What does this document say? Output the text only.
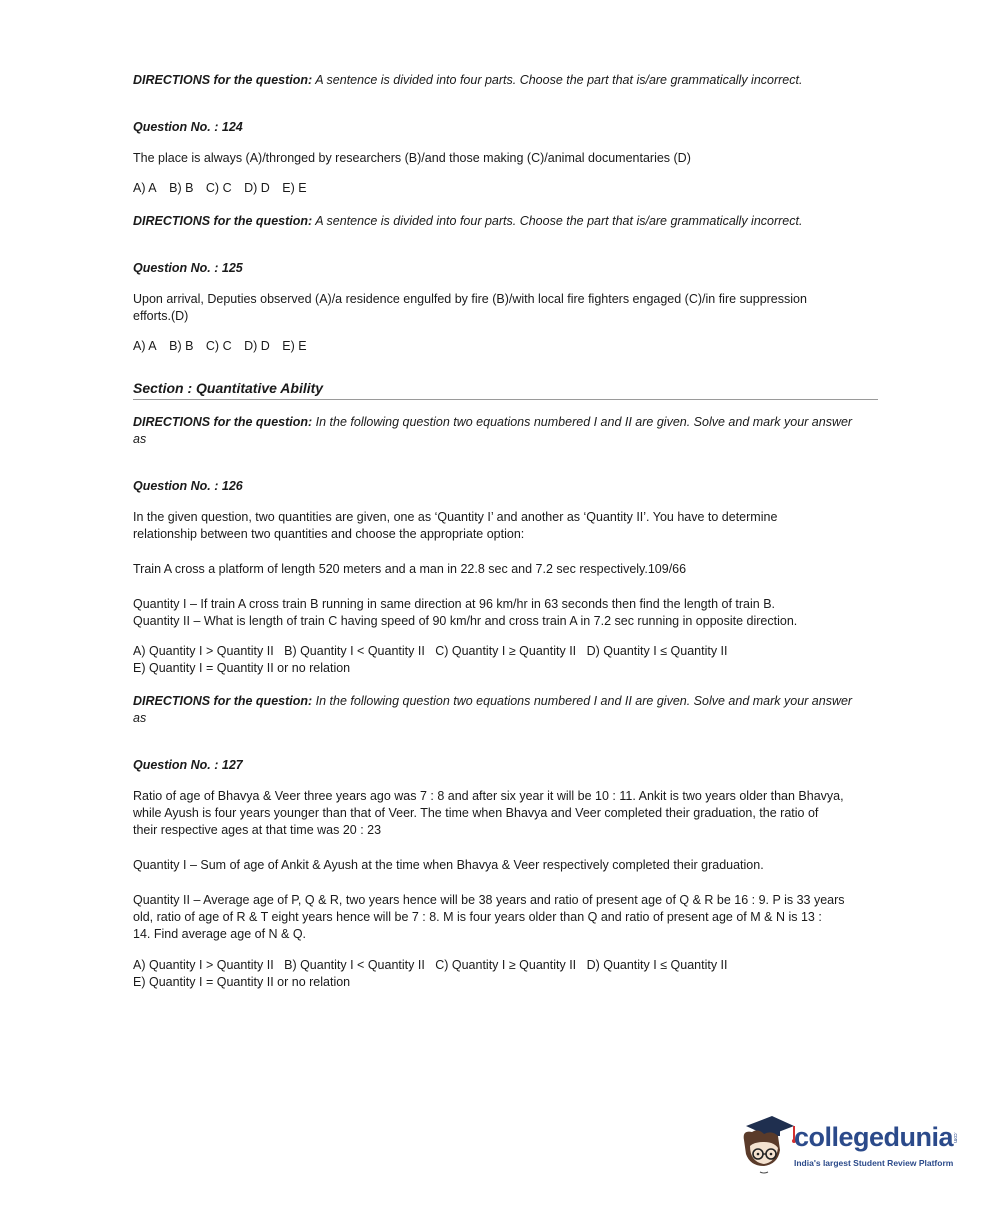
DIRECTIONS for the question: A sentence is divided into four parts. Choose the part that is/are grammatically incorrect.
Question No. : 124
The place is always (A)/thronged by researchers (B)/and those making (C)/animal documentaries (D)
A) A B) B C) C D) D E) E
DIRECTIONS for the question: A sentence is divided into four parts. Choose the part that is/are grammatically incorrect.
Question No. : 125
Upon arrival, Deputies observed (A)/a residence engulfed by fire (B)/with local fire fighters engaged (C)/in fire suppression
efforts.(D)
A) A B) B C) C D) D E) E
Section : Quantitative Ability
DIRECTIONS for the question: In the following question two equations numbered I and II are given. Solve and mark your answer
as
Question No. : 126
In the given question, two quantities are given, one as ‘Quantity I’ and another as ‘Quantity II’. You have to determine
relationship between two quantities and choose the appropriate option:
Train A cross a platform of length 520 meters and a man in 22.8 sec and 7.2 sec respectively.109/66
Quantity I – If train A cross train B running in same direction at 96 km/hr in 63 seconds then find the length of train B.
Quantity II – What is length of train C having speed of 90 km/hr and cross train A in 7.2 sec running in opposite direction.
A) Quantity I > Quantity II   B) Quantity I < Quantity II   C) Quantity I ≥ Quantity II   D) Quantity I ≤ Quantity II
E) Quantity I = Quantity II or no relation
DIRECTIONS for the question: In the following question two equations numbered I and II are given. Solve and mark your answer
as
Question No. : 127
Ratio of age of Bhavya & Veer three years ago was 7 : 8 and after six year it will be 10 : 11. Ankit is two years older than Bhavya,
while Ayush is four years younger than that of Veer. The time when Bhavya and Veer completed their graduation, the ratio of
their respective ages at that time was 20 : 23
Quantity I – Sum of age of Ankit & Ayush at the time when Bhavya & Veer respectively completed their graduation.
Quantity II – Average age of P, Q & R, two years hence will be 38 years and ratio of present age of Q & R be 16 : 9. P is 33 years
old, ratio of age of R & T eight years hence will be 7 : 8. M is four years older than Q and ratio of present age of M & N is 13 :
14. Find average age of N & Q.
A) Quantity I > Quantity II   B) Quantity I < Quantity II   C) Quantity I ≥ Quantity II   D) Quantity I ≤ Quantity II
E) Quantity I = Quantity II or no relation
collegedunia
.com
India's largest Student Review Platform
